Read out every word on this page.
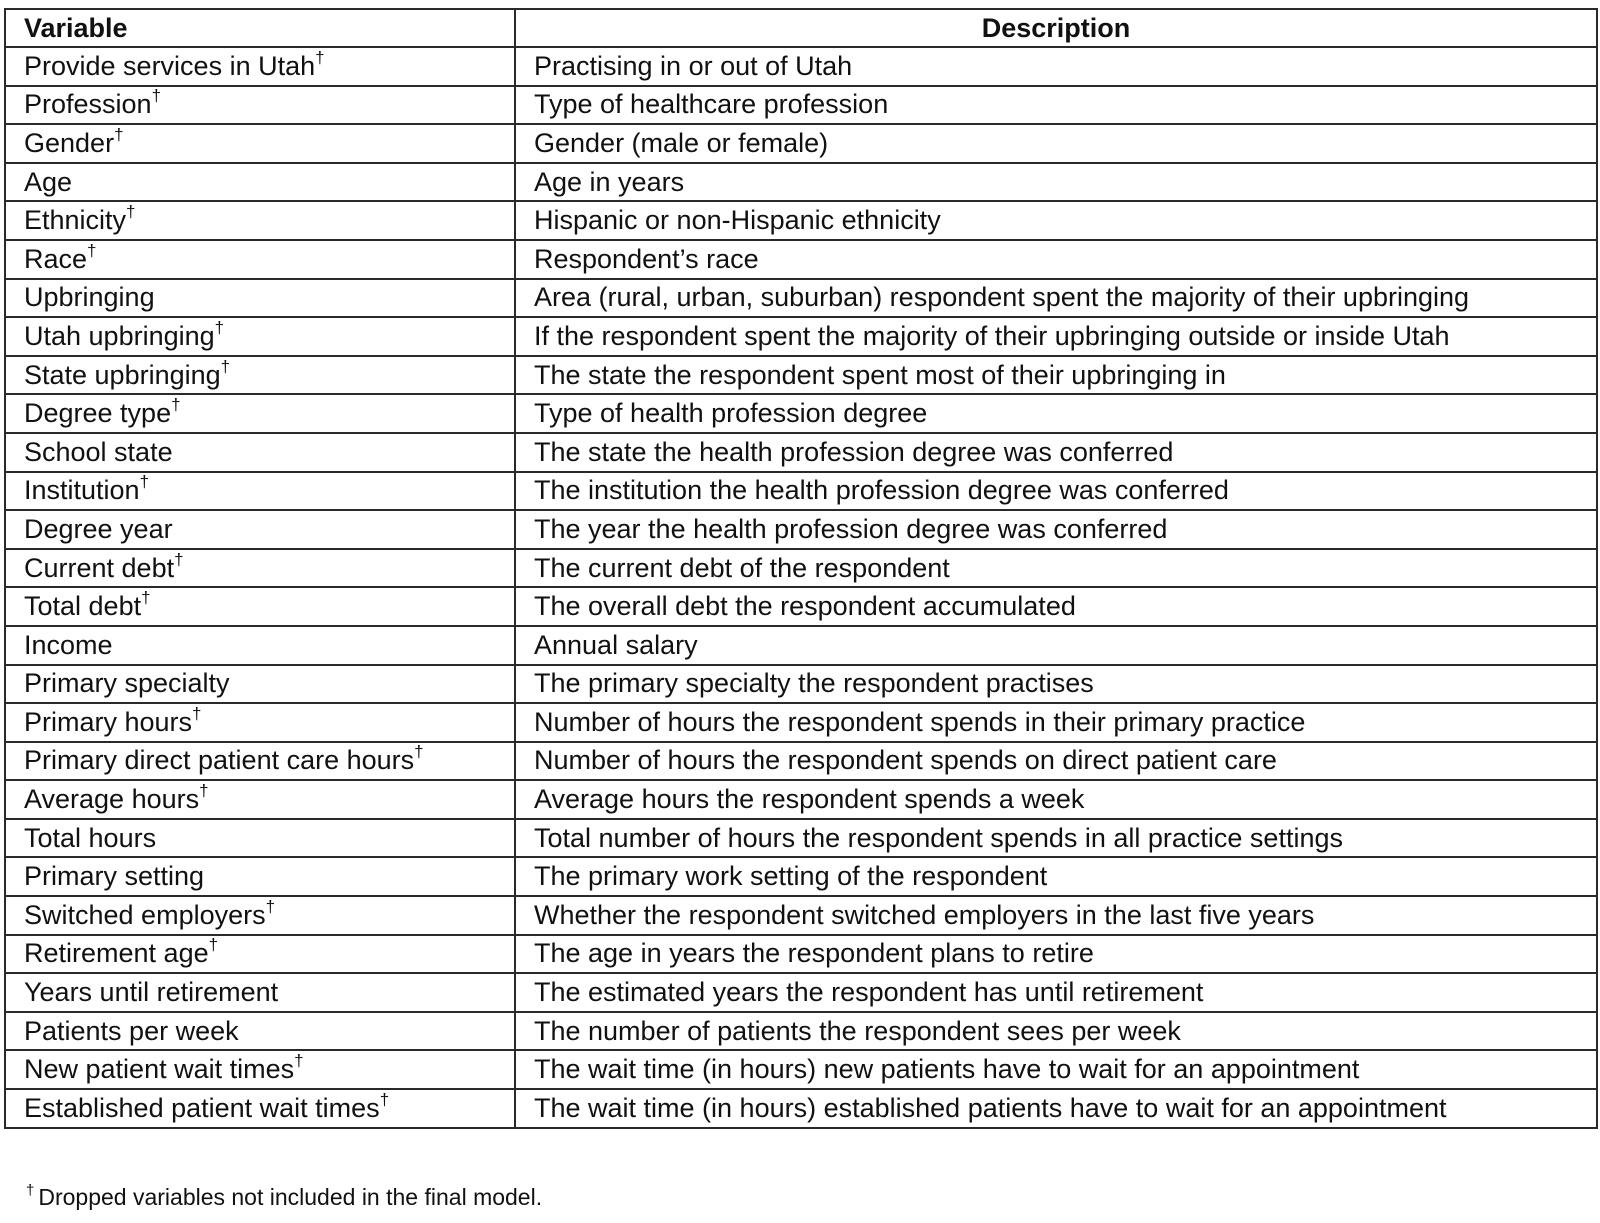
Variable	Description
Provide services in Utah†	Practising in or out of Utah
Profession†	Type of healthcare profession
Gender†	Gender (male or female)
Age	Age in years
Ethnicity†	Hispanic or non-Hispanic ethnicity
Race†	Respondent’s race
Upbringing	Area (rural, urban, suburban) respondent spent the majority of their upbringing
Utah upbringing†	If the respondent spent the majority of their upbringing outside or inside Utah
State upbringing†	The state the respondent spent most of their upbringing in
Degree type†	Type of health profession degree
School state	The state the health profession degree was conferred
Institution†	The institution the health profession degree was conferred
Degree year	The year the health profession degree was conferred
Current debt†	The current debt of the respondent
Total debt†	The overall debt the respondent accumulated
Income	Annual salary
Primary specialty	The primary specialty the respondent practises
Primary hours†	Number of hours the respondent spends in their primary practice
Primary direct patient care hours†	Number of hours the respondent spends on direct patient care
Average hours†	Average hours the respondent spends a week
Total hours	Total number of hours the respondent spends in all practice settings
Primary setting	The primary work setting of the respondent
Switched employers†	Whether the respondent switched employers in the last five years
Retirement age†	The age in years the respondent plans to retire
Years until retirement	The estimated years the respondent has until retirement
Patients per week	The number of patients the respondent sees per week
New patient wait times†	The wait time (in hours) new patients have to wait for an appointment
Established patient wait times†	The wait time (in hours) established patients have to wait for an appointment
† Dropped variables not included in the final model.
